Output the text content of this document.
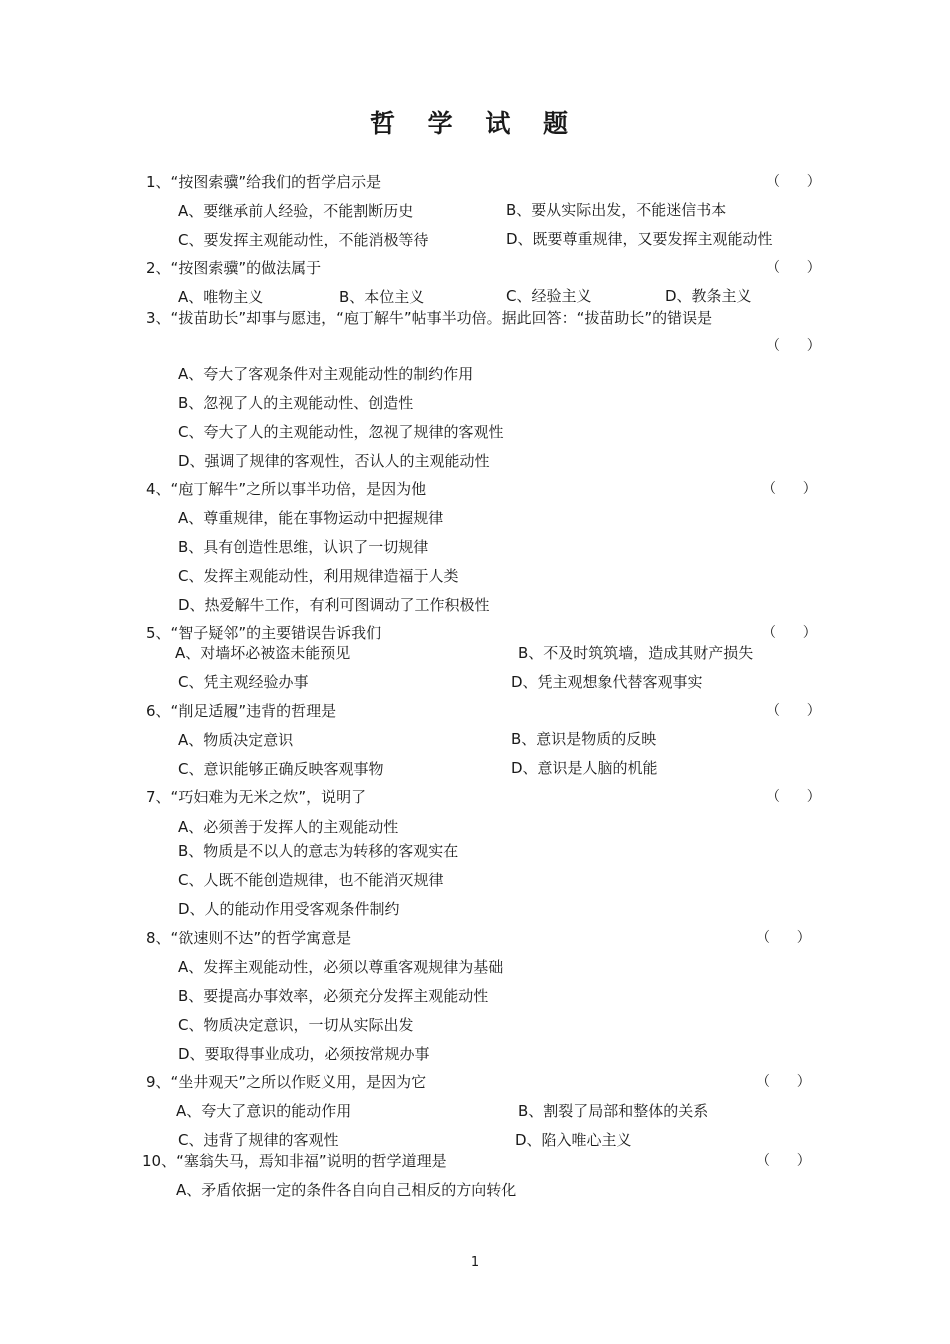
哲 学 试 题
1、“按图索骥”给我们的哲学启示是	（      ）
A、要继承前人经验，不能割断历史	B、要从实际出发，不能迷信书本
C、要发挥主观能动性，不能消极等待	D、既要尊重规律，又要发挥主观能动性
2、“按图索骥”的做法属于	（      ）
A、唯物主义	B、本位主义	C、经验主义	D、教条主义
3、“拔苗助长”却事与愿违，“庖丁解牛”帖事半功倍。据此回答：“拔苗助长”的错误是
（      ）
A、夸大了客观条件对主观能动性的制约作用
B、忽视了人的主观能动性、创造性
C、夸大了人的主观能动性，忽视了规律的客观性
D、强调了规律的客观性，否认人的主观能动性
4、“庖丁解牛”之所以事半功倍，是因为他	（      ）
A、尊重规律，能在事物运动中把握规律
B、具有创造性思维，认识了一切规律
C、发挥主观能动性，利用规律造福于人类
D、热爱解牛工作，有利可图调动了工作积极性
5、“智子疑邻”的主要错误告诉我们	（      ）
A、对墙坏必被盗未能预见	B、不及时筑筑墙，造成其财产损失
C、凭主观经验办事	D、凭主观想象代替客观事实
6、“削足适履”违背的哲理是	（      ）
A、物质决定意识	B、意识是物质的反映
C、意识能够正确反映客观事物	D、意识是人脑的机能
7、“巧妇难为无米之炊”，说明了	（      ）
A、必须善于发挥人的主观能动性
B、物质是不以人的意志为转移的客观实在
C、人既不能创造规律，也不能消灭规律
D、人的能动作用受客观条件制约
8、“欲速则不达”的哲学寓意是	（      ）
A、发挥主观能动性，必须以尊重客观规律为基础
B、要提高办事效率，必须充分发挥主观能动性
C、物质决定意识，一切从实际出发
D、要取得事业成功，必须按常规办事
9、“坐井观天”之所以作贬义用，是因为它	（      ）
A、夸大了意识的能动作用	B、割裂了局部和整体的关系
C、违背了规律的客观性	D、陷入唯心主义
10、“塞翁失马，焉知非福”说明的哲学道理是	（      ）
A、矛盾依据一定的条件各自向自己相反的方向转化
1
